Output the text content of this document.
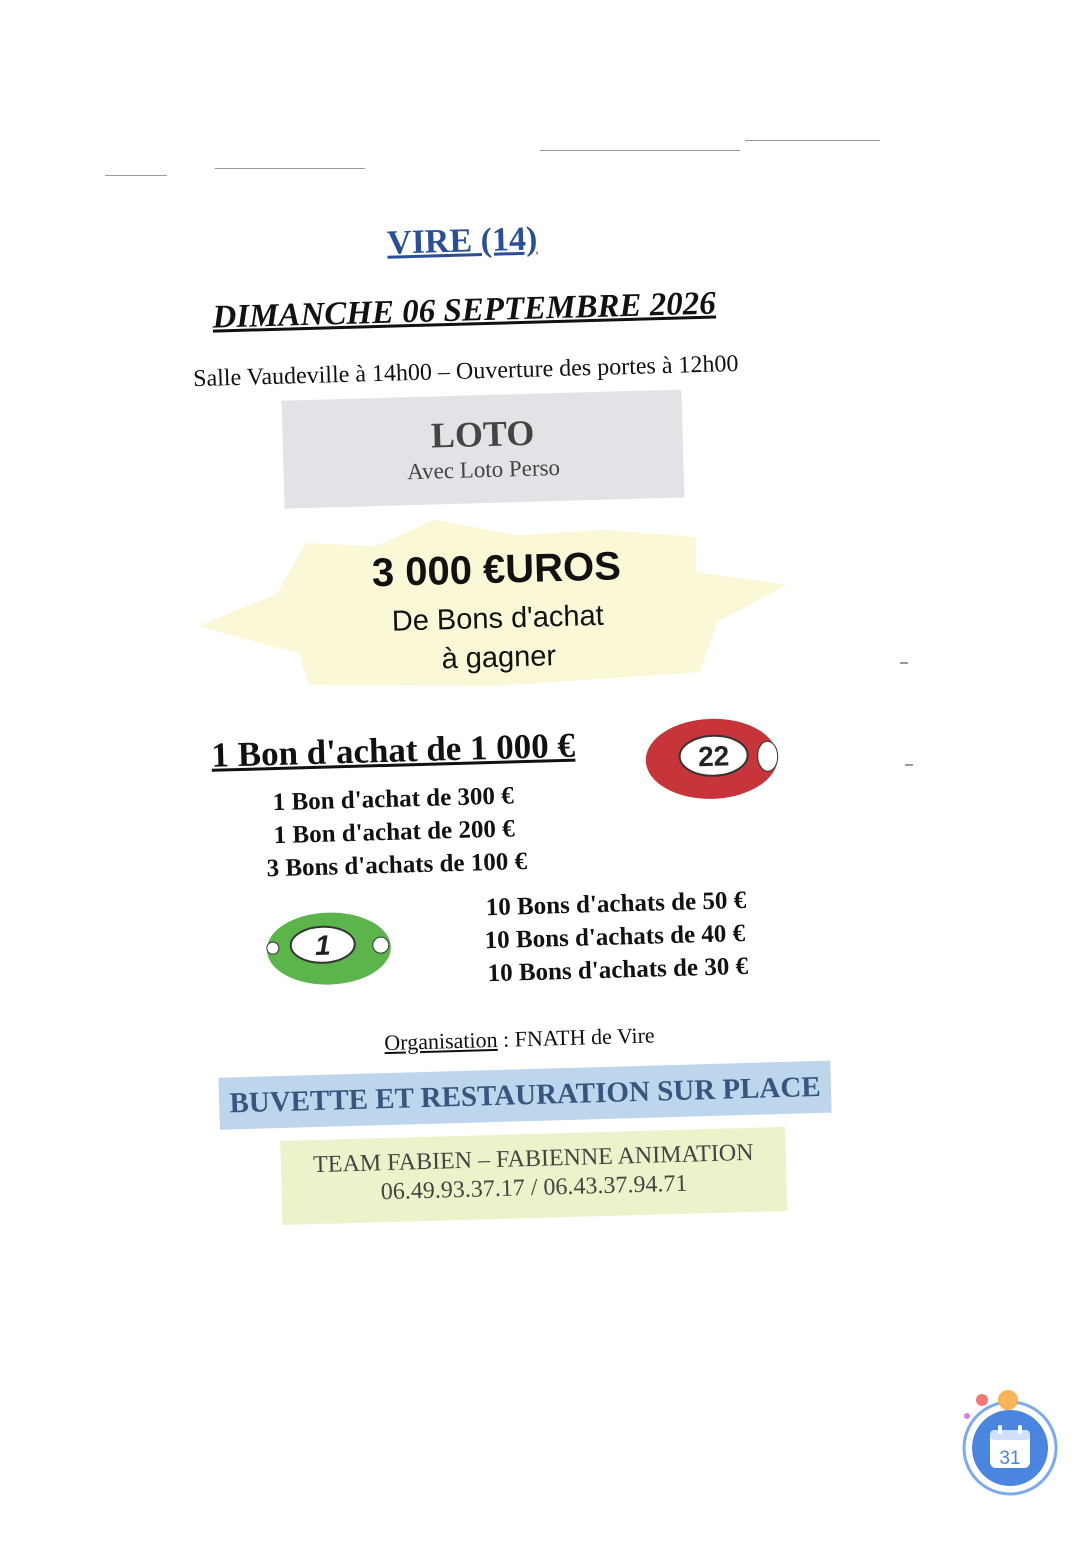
VIRE (14)
DIMANCHE 06 SEPTEMBRE 2026
Salle Vaudeville à 14h00 – Ouverture des portes à 12h00
LOTO
Avec Loto Perso
3 000 €UROS
De Bons d'achat
à gagner
1 Bon d'achat de 1 000 €
1 Bon d'achat de 300 €
1 Bon d'achat de 200 €
3 Bons d'achats de 100 €
10 Bons d'achats de 50 €
10 Bons d'achats de 40 €
10 Bons d'achats de 30 €
22
1
Organisation : FNATH de Vire
BUVETTE ET RESTAURATION SUR PLACE
TEAM FABIEN – FABIENNE ANIMATION
06.49.93.37.17 / 06.43.37.94.71
31
